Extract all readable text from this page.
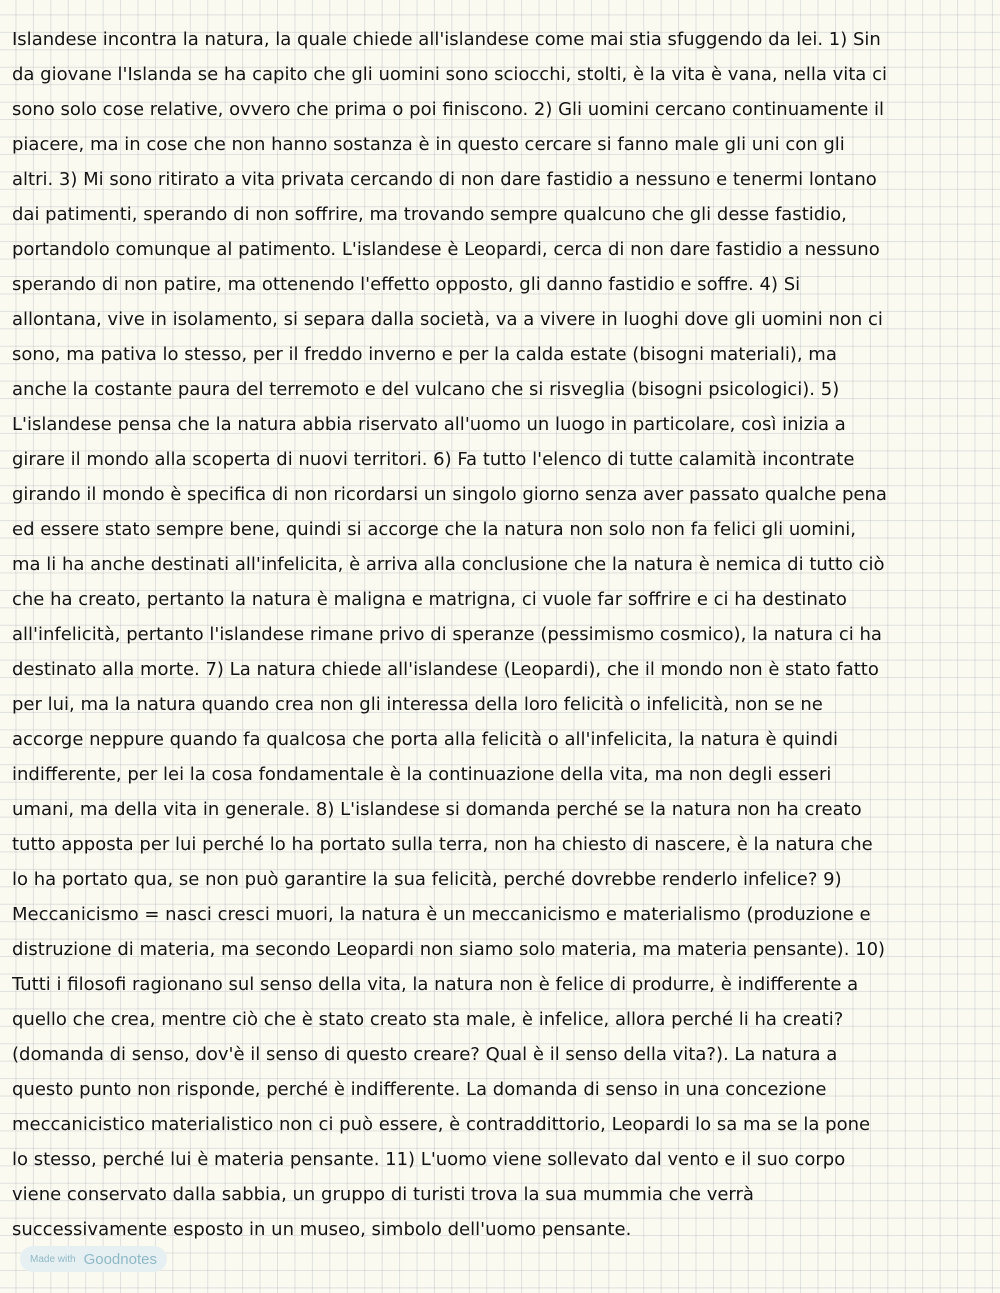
Islandese incontra la natura, la quale chiede all'islandese come mai stia sfuggendo da lei. 1) Sin
da giovane l'Islanda se ha capito che gli uomini sono sciocchi, stolti, è la vita è vana, nella vita ci
sono solo cose relative, ovvero che prima o poi finiscono. 2) Gli uomini cercano continuamente il
piacere, ma in cose che non hanno sostanza è in questo cercare si fanno male gli uni con gli
altri. 3) Mi sono ritirato a vita privata cercando di non dare fastidio a nessuno e tenermi lontano
dai patimenti, sperando di non soffrire, ma trovando sempre qualcuno che gli desse fastidio,
portandolo comunque al patimento. L'islandese è Leopardi, cerca di non dare fastidio a nessuno
sperando di non patire, ma ottenendo l'effetto opposto, gli danno fastidio e soffre. 4) Si
allontana, vive in isolamento, si separa dalla società, va a vivere in luoghi dove gli uomini non ci
sono, ma pativa lo stesso, per il freddo inverno e per la calda estate (bisogni materiali), ma
anche la costante paura del terremoto e del vulcano che si risveglia (bisogni psicologici). 5)
L'islandese pensa che la natura abbia riservato all'uomo un luogo in particolare, così inizia a
girare il mondo alla scoperta di nuovi territori. 6) Fa tutto l'elenco di tutte calamità incontrate
girando il mondo è specifica di non ricordarsi un singolo giorno senza aver passato qualche pena
ed essere stato sempre bene, quindi si accorge che la natura non solo non fa felici gli uomini,
ma li ha anche destinati all'infelicita, è arriva alla conclusione che la natura è nemica di tutto ciò
che ha creato, pertanto la natura è maligna e matrigna, ci vuole far soffrire e ci ha destinato
all'infelicità, pertanto l'islandese rimane privo di speranze (pessimismo cosmico), la natura ci ha
destinato alla morte. 7) La natura chiede all'islandese (Leopardi), che il mondo non è stato fatto
per lui, ma la natura quando crea non gli interessa della loro felicità o infelicità, non se ne
accorge neppure quando fa qualcosa che porta alla felicità o all'infelicita, la natura è quindi
indifferente, per lei la cosa fondamentale è la continuazione della vita, ma non degli esseri
umani, ma della vita in generale. 8) L'islandese si domanda perché se la natura non ha creato
tutto apposta per lui perché lo ha portato sulla terra, non ha chiesto di nascere, è la natura che
lo ha portato qua, se non può garantire la sua felicità, perché dovrebbe renderlo infelice? 9)
Meccanicismo = nasci cresci muori, la natura è un meccanicismo e materialismo (produzione e
distruzione di materia, ma secondo Leopardi non siamo solo materia, ma materia pensante). 10)
Tutti i filosofi ragionano sul senso della vita, la natura non è felice di produrre, è indifferente a
quello che crea, mentre ciò che è stato creato sta male, è infelice, allora perché li ha creati?
(domanda di senso, dov'è il senso di questo creare? Qual è il senso della vita?). La natura a
questo punto non risponde, perché è indifferente. La domanda di senso in una concezione
meccanicistico materialistico non ci può essere, è contraddittorio, Leopardi lo sa ma se la pone
lo stesso, perché lui è materia pensante. 11) L'uomo viene sollevato dal vento e il suo corpo
viene conservato dalla sabbia, un gruppo di turisti trova la sua mummia che verrà
successivamente esposto in un museo, simbolo dell'uomo pensante.
Made with Goodnotes
